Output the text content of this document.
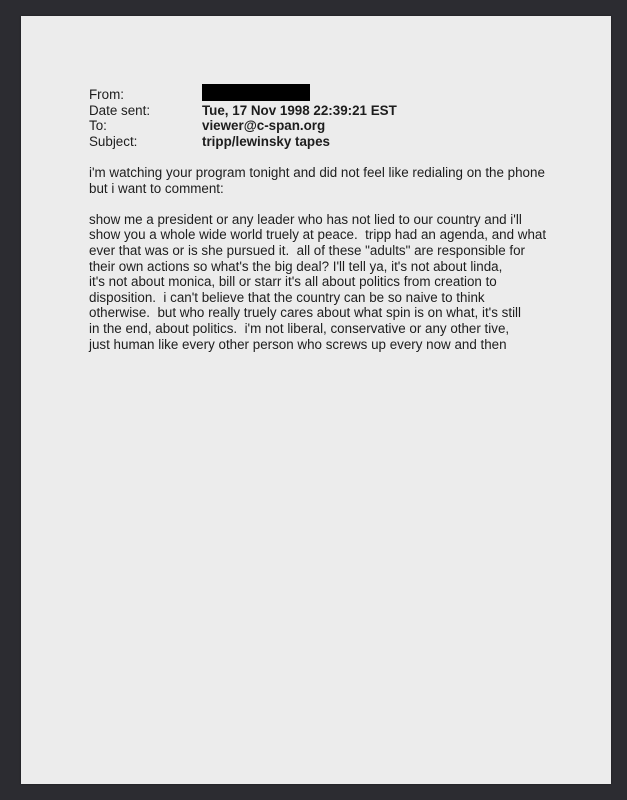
From:
Date sent:	Tue, 17 Nov 1998 22:39:21 EST
To:	viewer@c-span.org
Subject:	tripp/lewinsky tapes
i'm watching your program tonight and did not feel like redialing on the phone
but i want to comment:
show me a president or any leader who has not lied to our country and i'll
show you a whole wide world truely at peace.  tripp had an agenda, and what
ever that was or is she pursued it.  all of these "adults" are responsible for
their own actions so what's the big deal? I'll tell ya, it's not about linda,
it's not about monica, bill or starr it's all about politics from creation to
disposition.  i can't believe that the country can be so naive to think
otherwise.  but who really truely cares about what spin is on what, it's still
in the end, about politics.  i'm not liberal, conservative or any other tive,
just human like every other person who screws up every now and then
